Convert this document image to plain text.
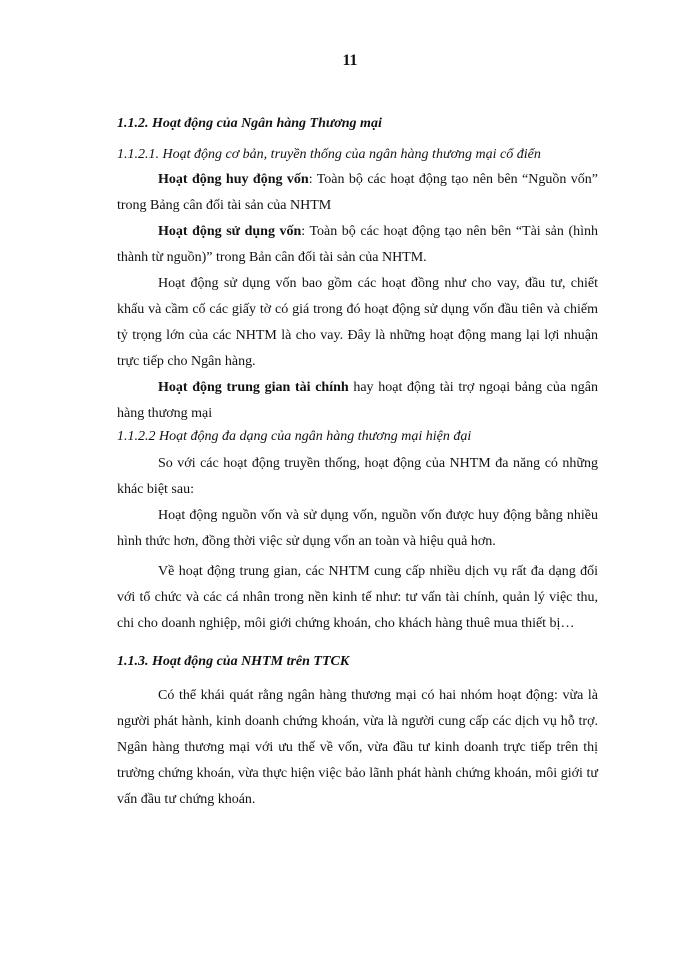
11
1.1.2. Hoạt động của Ngân hàng Thương mại
1.1.2.1. Hoạt động cơ bản, truyền thống của ngân hàng thương mại cổ điển

Hoạt động huy động vốn: Toàn bộ các hoạt động tạo nên bên “Nguồn vốn” trong Bảng cân đối tài sản của NHTM

Hoạt động sử dụng vốn: Toàn bộ các hoạt động tạo nên bên “Tài sản (hình thành từ nguồn)” trong Bản cân đối tài sản của NHTM.

Hoạt động sử dụng vốn bao gồm các hoạt đồng như cho vay, đầu tư, chiết khấu và cầm cố các giấy tờ có giá trong đó hoạt động sử dụng vốn đầu tiên và chiếm tỷ trọng lớn của các NHTM là cho vay. Đây là những hoạt động mang lại lợi nhuận trực tiếp cho Ngân hàng.

Hoạt động trung gian tài chính hay hoạt động tài trợ ngoại bảng của ngân hàng thương mại

1.1.2.2 Hoạt động đa dạng của ngân hàng thương mại hiện đại

So với các hoạt động truyền thống, hoạt động của NHTM đa năng có những khác biệt sau:

Hoạt động nguồn vốn và sử dụng vốn, nguồn vốn được huy động bằng nhiều hình thức hơn, đồng thời việc sử dụng vốn an toàn và hiệu quả hơn.

Về hoạt động trung gian, các NHTM cung cấp nhiều dịch vụ rất đa dạng đối với tổ chức và các cá nhân trong nền kinh tế như: tư vấn tài chính, quản lý việc thu, chi cho doanh nghiệp, môi giới chứng khoán, cho khách hàng thuê mua thiết bị…

1.1.3. Hoạt động của NHTM trên TTCK

Có thể khái quát rằng ngân hàng thương mại có hai nhóm hoạt động: vừa là người phát hành, kinh doanh chứng khoán, vừa là người cung cấp các dịch vụ hỗ trợ. Ngân hàng thương mại với ưu thế về vốn, vừa đầu tư kinh doanh trực tiếp trên thị trường chứng khoán, vừa thực hiện việc bảo lãnh phát hành chứng khoán, môi giới tư vấn đầu tư chứng khoán.
